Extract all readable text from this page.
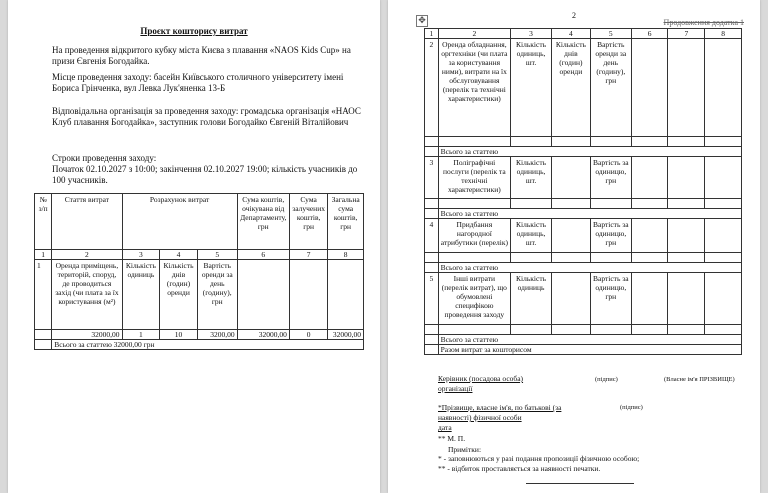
Проєкт кошторису витрат
На проведення відкритого кубку міста Києва з плавання «NAOS Kids Cup» на призи Євгенія Богодайка.
Місце проведення заходу: басейн Київського столичного університету імені Бориса Грінченка, вул Левка Лук'яненка 13-Б
Відповідальна організація за проведення заходу: громадська організація «НАОС Клуб плавання Богодайка», заступник голови Богодайко Євгеній Віталійович
Строки проведення заходу:
Початок 02.10.2027 з 10:00; закінчення 02.10.2027 19:00; кількість учасників до 100 учасників.
№ з/п	Стаття витрат	Розрахунок витрат			Сума коштів, очікувана від Департаменту, грн	Сума залучених коштів, грн	Загальна сума коштів, грн
1	2	3	4	5	6	7	8
1	Оренда приміщень, територій, споруд, де проводиться захід (чи плата за їх користування (м²)	Кількість одиниць	Кількість днів (годин) оренди	Вартість оренди за день (годину), грн			
	32000,00	1	10	3200,00	32000,00	0	32000,00
	Всього за статтею 32000,00 грн						
✥	2
Продовження додатка 1
1	2	3	4	5	6	7	8
2	Оренда обладнання, оргтехніки (чи плата за користування ними), витрати на їх обслуговування (перелік та технічні характеристики)	Кількість одиниць, шт.	Кількість днів (годин) оренди	Вартість оренди за день (годину), грн			

	Всього за статтею						
3	Поліграфічні послуги (перелік та технічні характеристики)	Кількість одиниць, шт.		Вартість за одиницю, грн			

	Всього за статтею						
4	Придбання нагородної атрибутики (перелік)	Кількість одиниць, шт.		Вартість за одиницю, грн			

	Всього за статтею						
5	Інші витрати (перелік витрат), що обумовлені специфікою проведення заходу	Кількість одиниць		Вартість за одиницю, грн			

	Всього за статтею						
	Разом витрат за кошторисом						
Керівник (посадова особа) організації
(підпис)	(Власне ім'я ПРІЗВИЩЕ)
*Прізвище, власне ім'я, по батькові (за наявності) фізичної особи
(підпис)
дата
** М. П.
Примітки:
* - заповнюються у разі подання пропозиції фізичною особою;
** - відбиток проставляється за наявності печатки.
